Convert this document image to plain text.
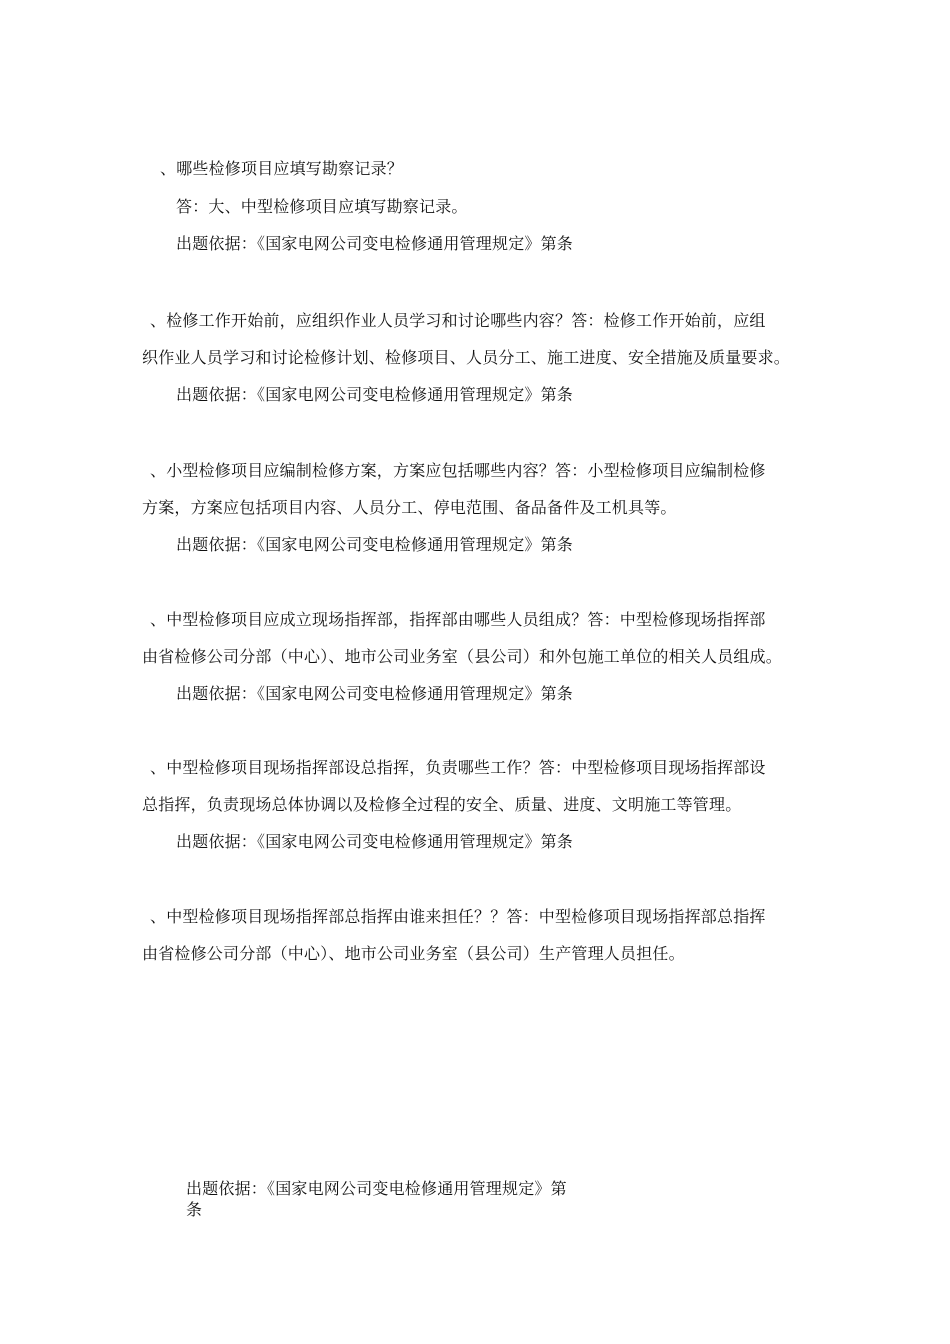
、哪些检修项目应填写勘察记录？
答：大、中型检修项目应填写勘察记录。
出题依据：《国家电网公司变电检修通用管理规定》第条
、检修工作开始前，应组织作业人员学习和讨论哪些内容？答：检修工作开始前，应组
织作业人员学习和讨论检修计划、检修项目、人员分工、施工进度、安全措施及质量要求。
出题依据：《国家电网公司变电检修通用管理规定》第条
、小型检修项目应编制检修方案，方案应包括哪些内容？答：小型检修项目应编制检修
方案，方案应包括项目内容、人员分工、停电范围、备品备件及工机具等。
出题依据：《国家电网公司变电检修通用管理规定》第条
、中型检修项目应成立现场指挥部，指挥部由哪些人员组成？答：中型检修现场指挥部
由省检修公司分部（中心）、地市公司业务室（县公司）和外包施工单位的相关人员组成。
出题依据：《国家电网公司变电检修通用管理规定》第条
、中型检修项目现场指挥部设总指挥，负责哪些工作？答：中型检修项目现场指挥部设
总指挥，负责现场总体协调以及检修全过程的安全、质量、进度、文明施工等管理。
出题依据：《国家电网公司变电检修通用管理规定》第条
、中型检修项目现场指挥部总指挥由谁来担任？？答：中型检修项目现场指挥部总指挥
由省检修公司分部（中心）、地市公司业务室（县公司）生产管理人员担任。
出题依据：《国家电网公司变电检修通用管理规定》第
条
